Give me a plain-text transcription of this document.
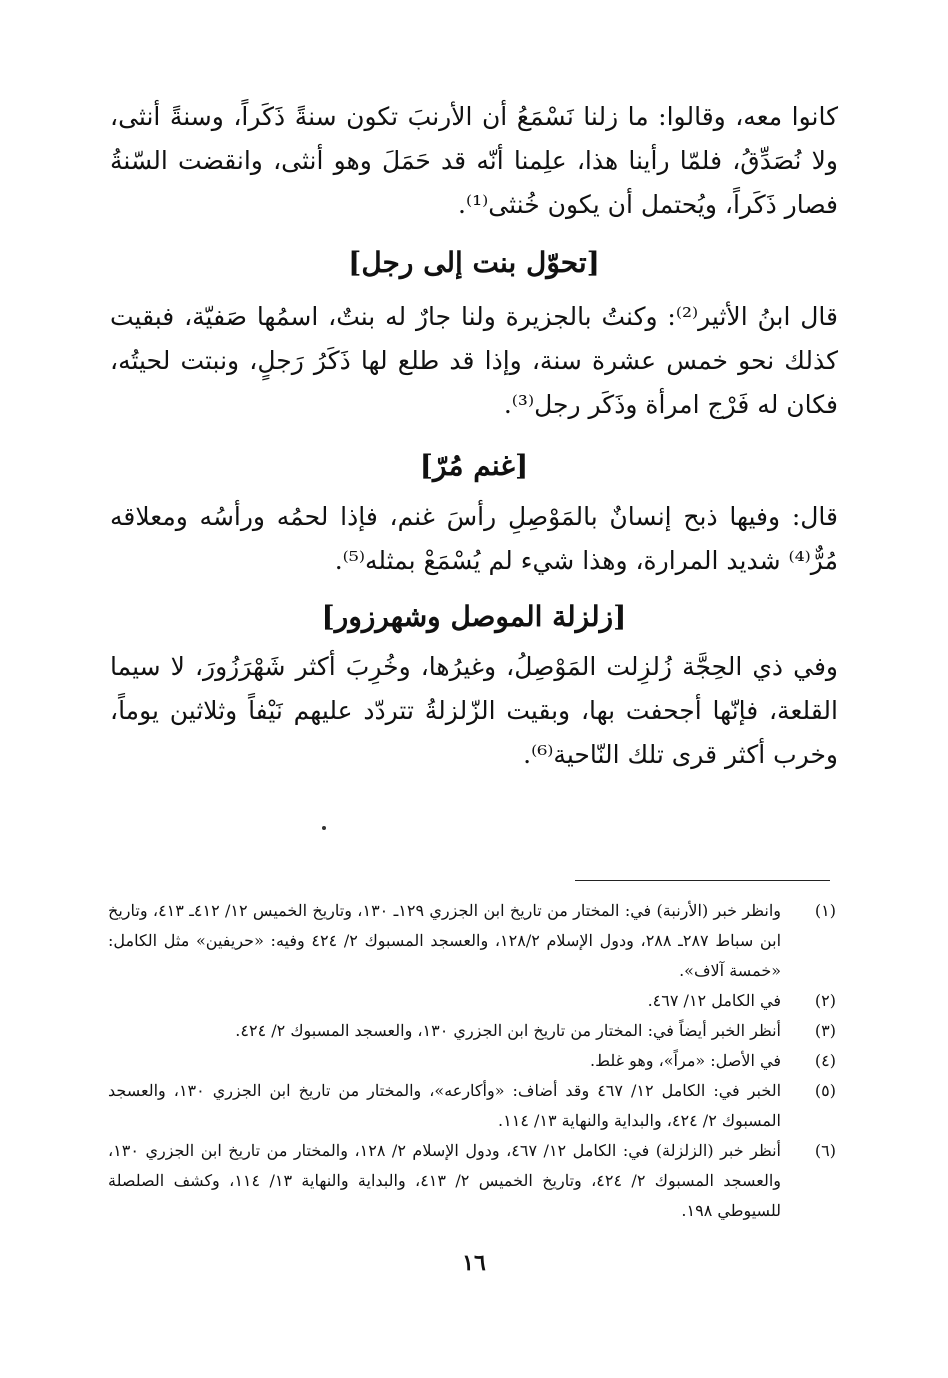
كانوا معه، وقالوا: ما زلنا نَسْمَعُ أن الأرنبَ تكون سنةً ذَكَراً، وسنةً أنثى، ولا نُصَدِّقُ، فلمّا رأينا هذا، علِمنا أنّه قد حَمَلَ وهو أنثى، وانقضت السّنةُ فصار ذَكَراً، ويُحتمل أن يكون خُنثى⁽¹⁾.
[تحوّل بنت إلى رجل]
قال ابنُ الأثير⁽²⁾: وكنتُ بالجزيرة ولنا جارٌ له بنتٌ، اسمُها صَفيّة، فبقيت كذلك نحو خمس عشرة سنة، وإذا قد طلع لها ذَكَرُ رَجلٍ، ونبتت لحيتُه، فكان له فَرْج امرأة وذَكَر رجل⁽³⁾.
[غنم مُرّ]
قال: وفيها ذبح إنسانٌ بالمَوْصِلِ رأسَ غنم، فإذا لحمُه ورأسُه ومعلاقه مُرٌّ⁽⁴⁾ شديد المرارة، وهذا شيء لم يُسْمَعْ بمثله⁽⁵⁾.
[زلزلة الموصل وشهرزور]
وفي ذي الحِجَّة زُلزِلت المَوْصِلُ، وغيرُها، وخُرِبَ أكثر شَهْرَزُورَ، لا سيما القلعة، فإنّها أجحفت بها، وبقيت الزّلزلةُ تتردّد عليهم نَيْفاً وثلاثين يوماً، وخرب أكثر قرى تلك النّاحية⁽⁶⁾.
(١)
وانظر خبر (الأرنبة) في: المختار من تاريخ ابن الجزري ١٢٩ـ ١٣٠، وتاريخ الخميس ١٢/ ٤١٢ـ ٤١٣، وتاريخ ابن سباط ٢٨٧ـ ٢٨٨، ودول الإسلام ١٢٨/٢، والعسجد المسبوك ٢/ ٤٢٤ وفيه: «حريفين» مثل الكامل: «خمسة آلاف».
(٢)
في الكامل ١٢/ ٤٦٧.
(٣)
أنظر الخبر أيضاً في: المختار من تاريخ ابن الجزري ١٣٠، والعسجد المسبوك ٢/ ٤٢٤.
(٤)
في الأصل: «مراً»، وهو غلط.
(٥)
الخبر في: الكامل ١٢/ ٤٦٧ وقد أضاف: «وأكارعه»، والمختار من تاريخ ابن الجزري ١٣٠، والعسجد المسبوك ٢/ ٤٢٤، والبداية والنهاية ١٣/ ١١٤.
(٦)
أنظر خبر (الزلزلة) في: الكامل ١٢/ ٤٦٧، ودول الإسلام ٢/ ١٢٨، والمختار من تاريخ ابن الجزري ١٣٠، والعسجد المسبوك ٢/ ٤٢٤، وتاريخ الخميس ٢/ ٤١٣، والبداية والنهاية ١٣/ ١١٤، وكشف الصلصلة للسيوطي ١٩٨.
١٦
